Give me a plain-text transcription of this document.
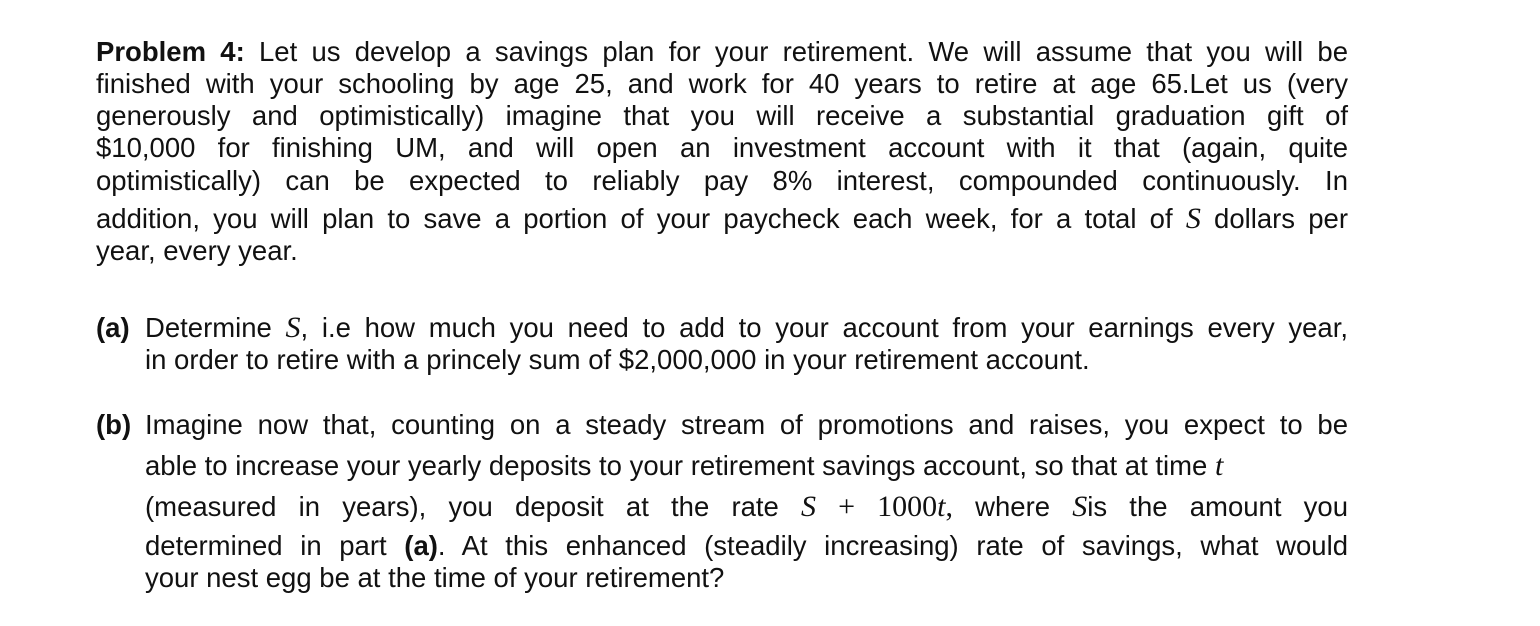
Problem 4: Let us develop a savings plan for your retirement. We will assume that you will be
finished with your schooling by age 25, and work for 40 years to retire at age 65.Let us (very
generously and optimistically) imagine that you will receive a substantial graduation gift of
$10,000 for finishing UM, and will open an investment account with it that (again, quite
optimistically) can be expected to reliably pay 8% interest, compounded continuously. In
addition, you will plan to save a portion of your paycheck each week, for a total of S dollars per
year, every year.
(a) Determine S, i.e how much you need to add to your account from your earnings every year,
in order to retire with a princely sum of $2,000,000 in your retirement account.
(b) Imagine now that, counting on a steady stream of promotions and raises, you expect to be
able to increase your yearly deposits to your retirement savings account, so that at time t
(measured in years), you deposit at the rate S + 1000t, where Sis the amount you
determined in part (a). At this enhanced (steadily increasing) rate of savings, what would
your nest egg be at the time of your retirement?
